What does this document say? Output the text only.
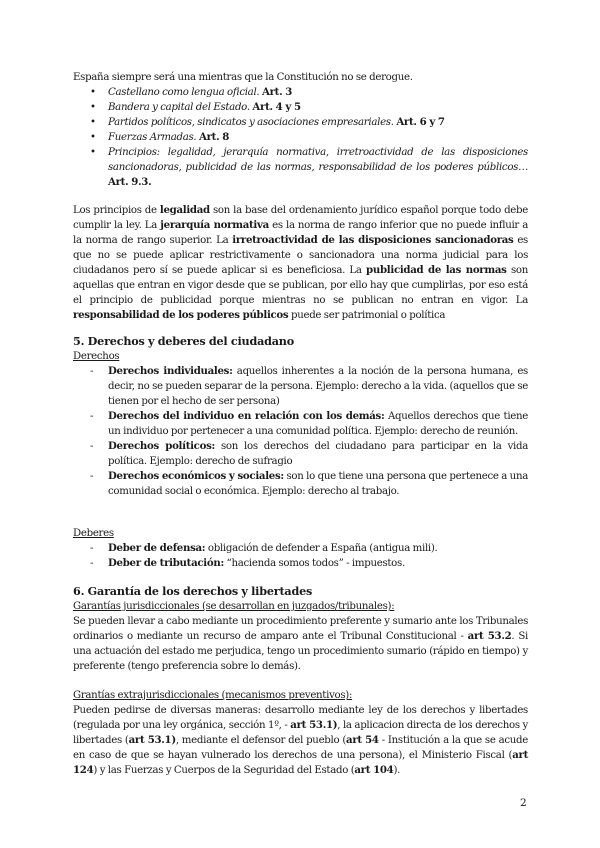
España siempre será una mientras que la Constitución no se derogue.
• Castellano como lengua oficial. Art. 3
• Bandera y capital del Estado. Art. 4 y 5
• Partidos políticos, sindicatos y asociaciones empresariales. Art. 6 y 7
• Fuerzas Armadas. Art. 8
• Principios: legalidad, jerarquía normativa, irretroactividad de las disposiciones sancionadoras, publicidad de las normas, responsabilidad de los poderes públicos… Art. 9.3.
Los principios de legalidad son la base del ordenamiento jurídico español porque todo debe cumplir la ley. La jerarquía normativa es la norma de rango inferior que no puede influir a la norma de rango superior. La irretroactividad de las disposiciones sancionadoras es que no se puede aplicar restrictivamente o sancionadora una norma judicial para los ciudadanos pero sí se puede aplicar si es beneficiosa. La publicidad de las normas son aquellas que entran en vigor desde que se publican, por ello hay que cumplirlas, por eso está el principio de publicidad porque mientras no se publican no entran en vigor. La responsabilidad de los poderes públicos puede ser patrimonial o política
5. Derechos y deberes del ciudadano
Derechos
- Derechos individuales: aquellos inherentes a la noción de la persona humana, es decir, no se pueden separar de la persona. Ejemplo: derecho a la vida. (aquellos que se tienen por el hecho de ser persona)
- Derechos del individuo en relación con los demás: Aquellos derechos que tiene un individuo por pertenecer a una comunidad política. Ejemplo: derecho de reunión.
- Derechos políticos: son los derechos del ciudadano para participar en la vida política. Ejemplo: derecho de sufragio
- Derechos económicos y sociales: son lo que tiene una persona que pertenece a una comunidad social o económica. Ejemplo: derecho al trabajo.
Deberes
- Deber de defensa: obligación de defender a España (antigua mili).
- Deber de tributación: “hacienda somos todos” - impuestos.
6. Garantía de los derechos y libertades
Garantías jurisdiccionales (se desarrollan en juzgados/tribunales):
Se pueden llevar a cabo mediante un procedimiento preferente y sumario ante los Tribunales ordinarios o mediante un recurso de amparo ante el Tribunal Constitucional - art 53.2. Si una actuación del estado me perjudica, tengo un procedimiento sumario (rápido en tiempo) y preferente (tengo preferencia sobre lo demás).
Grantías extrajurisdiccionales (mecanismos preventivos):
Pueden pedirse de diversas maneras: desarrollo mediante ley de los derechos y libertades (regulada por una ley orgánica, sección 1º, - art 53.1), la aplicacion directa de los derechos y libertades (art 53.1), mediante el defensor del pueblo (art 54 - Institución a la que se acude en caso de que se hayan vulnerado los derechos de una persona), el Ministerio Fiscal (art 124) y las Fuerzas y Cuerpos de la Seguridad del Estado (art 104).
2
